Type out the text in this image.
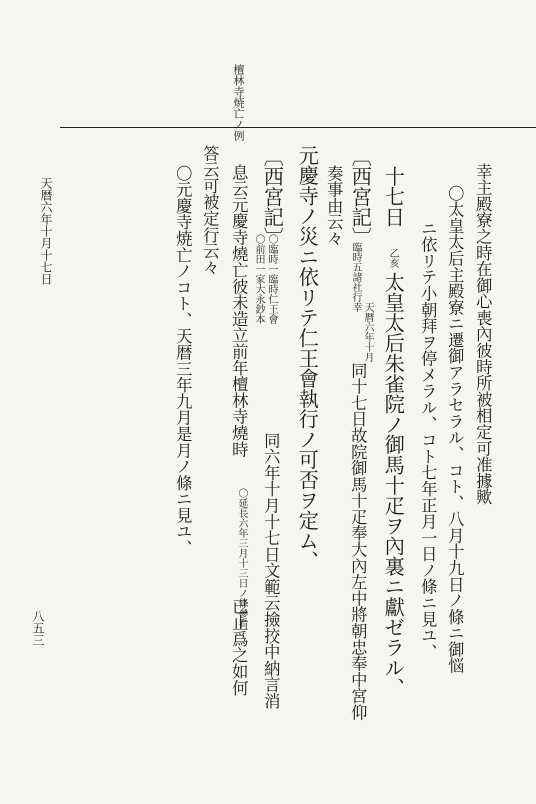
檀林寺焼亡ノ例
天暦六年十月十七日
八五三
幸主殿寮之時在御心喪內彼時所被相定可准據歟
〇太皇太后主殿寮ニ遷御アラセラル、コト、八月十九日ノ條ニ御悩
ニ依リテ小朝拜ヲ停メラル、コト七年正月一日ノ條ニ見ユ、
十七日
乙亥
太皇太后朱雀院ノ御馬十疋ヲ內裏ニ獻ゼラル、
〔西宮記〕
臨時五諸社行幸
天暦六年十月
同十七日故院御馬十疋奉大內左中將朝忠奉中宮仰
奏事由云々
元慶寺ノ災ニ依リテ仁王會執行ノ可否ヲ定ム、
〔西宮記〕
〇臨時一臨時仁王會
〇前田一家大永鈔本
同六年十月十七日文範云撿挍中納言消
息云元慶寺燒亡彼未造立前年檀林寺燒時
〇延長六年三月十三日ノ條參看
已止爲之如何
答云可被定行云々
〇元慶寺焼亡ノコト、天暦三年九月是月ノ條ニ見ユ、
